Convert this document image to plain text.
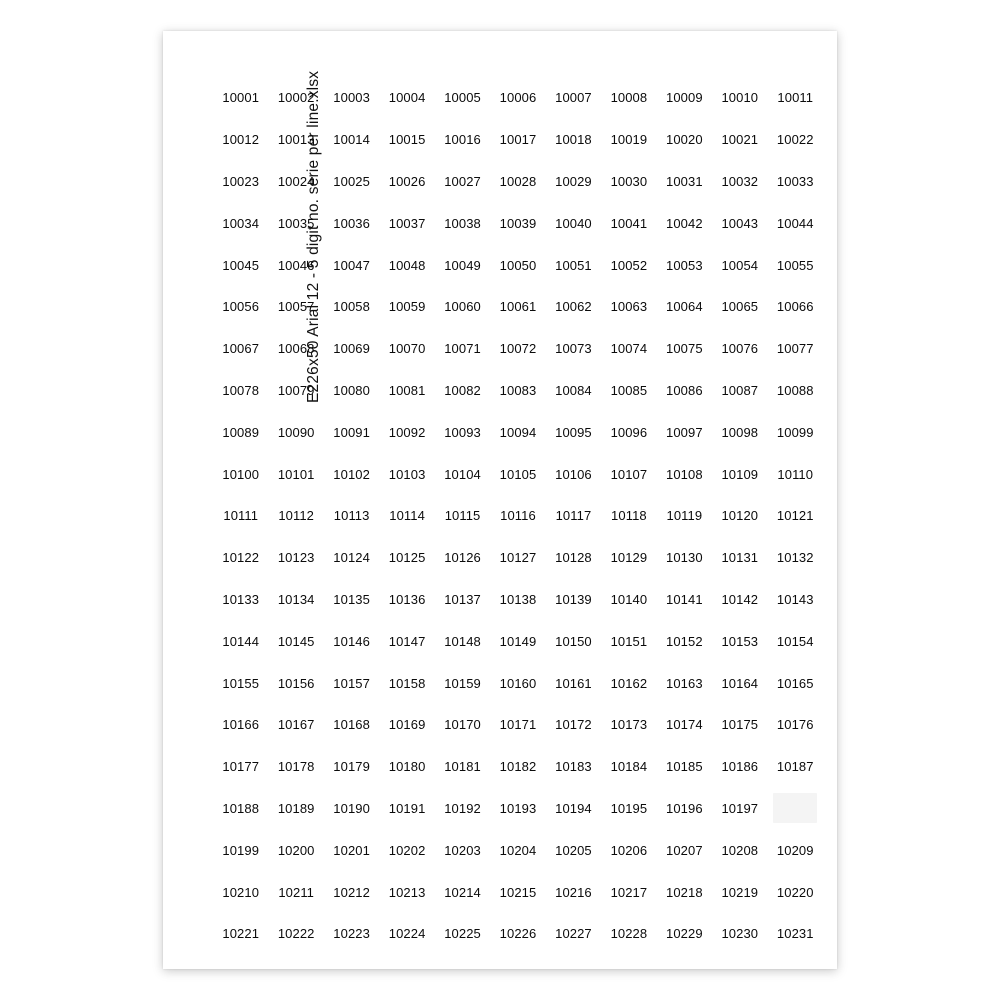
E226x50 Arial 12 - 5 digit no. serie per line.xlsx
10001	10002	10003	10004	10005	10006	10007	10008	10009	10010	10011
10012	10013	10014	10015	10016	10017	10018	10019	10020	10021	10022
10023	10024	10025	10026	10027	10028	10029	10030	10031	10032	10033
10034	10035	10036	10037	10038	10039	10040	10041	10042	10043	10044
10045	10046	10047	10048	10049	10050	10051	10052	10053	10054	10055
10056	10057	10058	10059	10060	10061	10062	10063	10064	10065	10066
10067	10068	10069	10070	10071	10072	10073	10074	10075	10076	10077
10078	10079	10080	10081	10082	10083	10084	10085	10086	10087	10088
10089	10090	10091	10092	10093	10094	10095	10096	10097	10098	10099
10100	10101	10102	10103	10104	10105	10106	10107	10108	10109	10110
10111	10112	10113	10114	10115	10116	10117	10118	10119	10120	10121
10122	10123	10124	10125	10126	10127	10128	10129	10130	10131	10132
10133	10134	10135	10136	10137	10138	10139	10140	10141	10142	10143
10144	10145	10146	10147	10148	10149	10150	10151	10152	10153	10154
10155	10156	10157	10158	10159	10160	10161	10162	10163	10164	10165
10166	10167	10168	10169	10170	10171	10172	10173	10174	10175	10176
10177	10178	10179	10180	10181	10182	10183	10184	10185	10186	10187
10188	10189	10190	10191	10192	10193	10194	10195	10196	10197
10199	10200	10201	10202	10203	10204	10205	10206	10207	10208	10209
10210	10211	10212	10213	10214	10215	10216	10217	10218	10219	10220
10221	10222	10223	10224	10225	10226	10227	10228	10229	10230	10231
